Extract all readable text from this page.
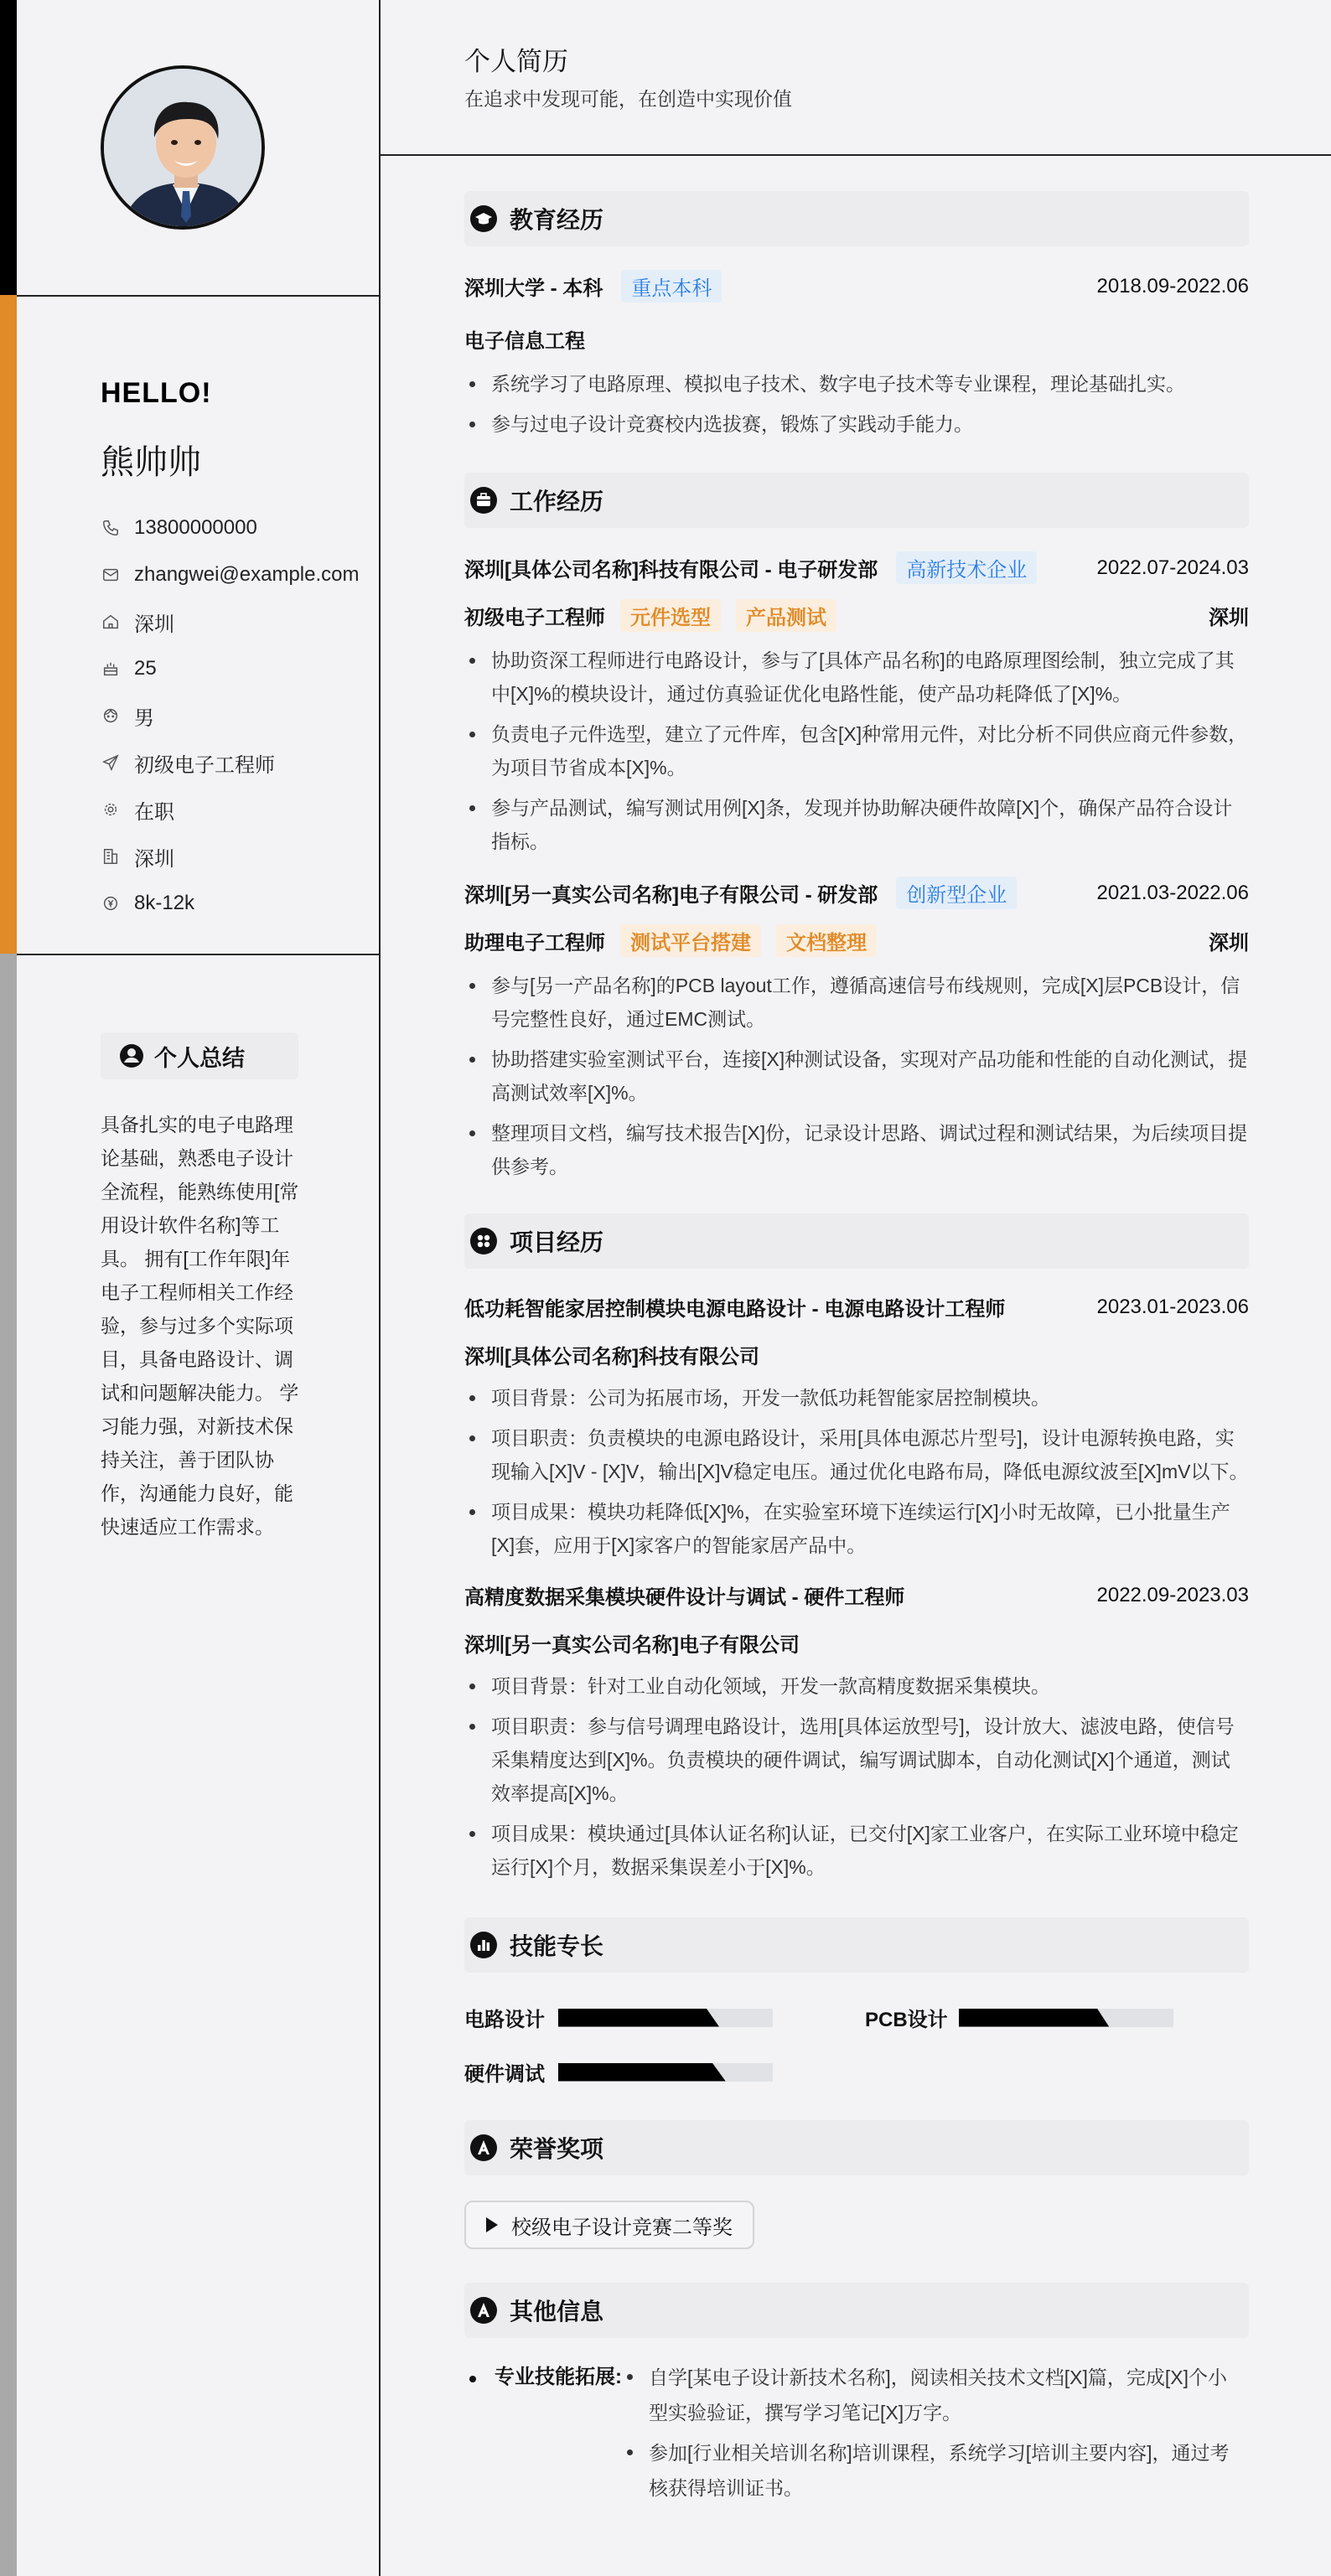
HELLO!
熊帅帅
13800000000
zhangwei@example.com
深圳
25
男
初级电子工程师
在职
深圳
8k-12k
个人总结
具备扎实的电子电路理论基础，熟悉电子设计全流程，能熟练使用[常用设计软件名称]等工具。 拥有[工作年限]年电子工程师相关工作经验，参与过多个实际项目，具备电路设计、调试和问题解决能力。 学习能力强，对新技术保持关注，善于团队协作，沟通能力良好，能快速适应工作需求。
个人简历
在追求中发现可能，在创造中实现价值
教育经历
深圳大学 - 本科	重点本科	2018.09-2022.06
电子信息工程
系统学习了电路原理、模拟电子技术、数字电子技术等专业课程，理论基础扎实。
参与过电子设计竞赛校内选拔赛，锻炼了实践动手能力。
工作经历
深圳[具体公司名称]科技有限公司 - 电子研发部	高新技术企业	2022.07-2024.03
初级电子工程师	元件选型	产品测试	深圳
协助资深工程师进行电路设计，参与了[具体产品名称]的电路原理图绘制，独立完成了其中[X]%的模块设计，通过仿真验证优化电路性能，使产品功耗降低了[X]%。
负责电子元件选型，建立了元件库，包含[X]种常用元件，对比分析不同供应商元件参数，为项目节省成本[X]%。
参与产品测试，编写测试用例[X]条，发现并协助解决硬件故障[X]个，确保产品符合设计指标。
深圳[另一真实公司名称]电子有限公司 - 研发部	创新型企业	2021.03-2022.06
助理电子工程师	测试平台搭建	文档整理	深圳
参与[另一产品名称]的PCB layout工作，遵循高速信号布线规则，完成[X]层PCB设计，信号完整性良好，通过EMC测试。
协助搭建实验室测试平台，连接[X]种测试设备，实现对产品功能和性能的自动化测试，提高测试效率[X]%。
整理项目文档，编写技术报告[X]份，记录设计思路、调试过程和测试结果，为后续项目提供参考。
项目经历
低功耗智能家居控制模块电源电路设计 - 电源电路设计工程师	2023.01-2023.06
深圳[具体公司名称]科技有限公司
项目背景：公司为拓展市场，开发一款低功耗智能家居控制模块。
项目职责：负责模块的电源电路设计，采用[具体电源芯片型号]，设计电源转换电路，实现输入[X]V - [X]V，输出[X]V稳定电压。通过优化电路布局，降低电源纹波至[X]mV以下。
项目成果：模块功耗降低[X]%，在实验室环境下连续运行[X]小时无故障，已小批量生产[X]套，应用于[X]家客户的智能家居产品中。
高精度数据采集模块硬件设计与调试 - 硬件工程师	2022.09-2023.03
深圳[另一真实公司名称]电子有限公司
项目背景：针对工业自动化领域，开发一款高精度数据采集模块。
项目职责：参与信号调理电路设计，选用[具体运放型号]，设计放大、滤波电路，使信号采集精度达到[X]%。负责模块的硬件调试，编写调试脚本，自动化测试[X]个通道，测试效率提高[X]%。
项目成果：模块通过[具体认证名称]认证，已交付[X]家工业客户，在实际工业环境中稳定运行[X]个月，数据采集误差小于[X]%。
技能专长
电路设计	PCB设计
硬件调试
荣誉奖项
校级电子设计竞赛二等奖
其他信息
专业技能拓展:	自学[某电子设计新技术名称]，阅读相关技术文档[X]篇，完成[X]个小型实验验证，撰写学习笔记[X]万字。
参加[行业相关培训名称]培训课程，系统学习[培训主要内容]，通过考核获得培训证书。
